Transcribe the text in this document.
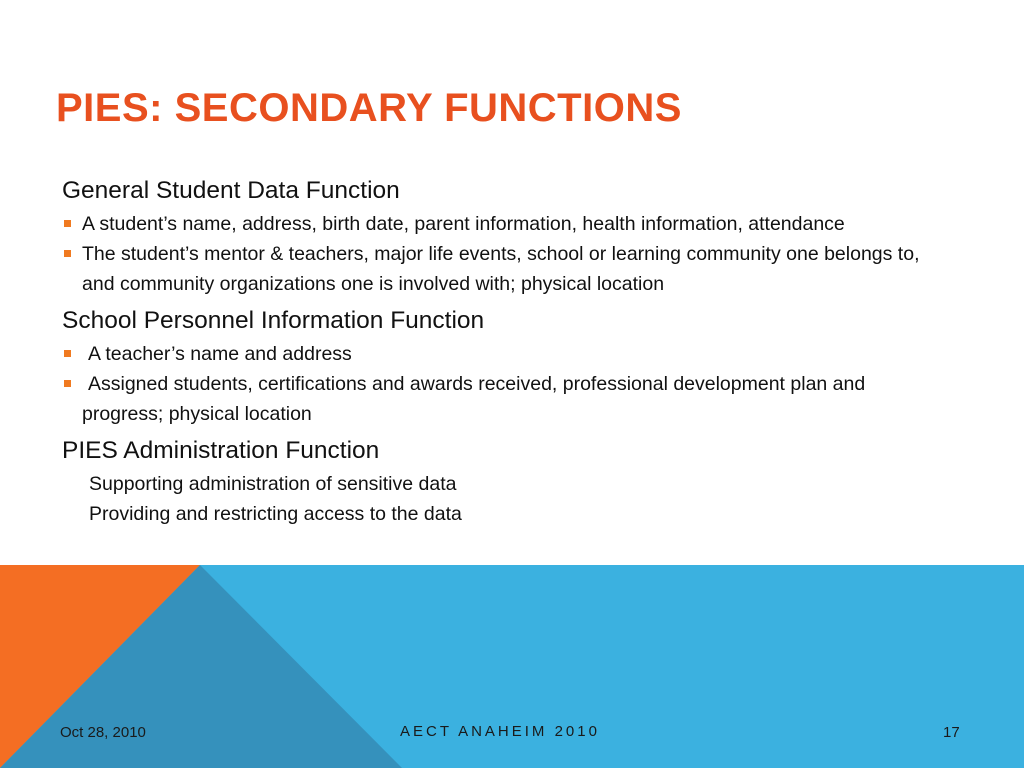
PIES: SECONDARY FUNCTIONS
General Student Data Function
A student’s name, address, birth date, parent information, health information, attendance
The student’s mentor & teachers, major life events, school or learning community one belongs to, and community organizations one is involved with; physical location
School Personnel Information Function
A teacher’s name and address
Assigned students, certifications and awards received, professional development plan and progress; physical location
PIES Administration Function
Supporting administration of sensitive data
Providing and restricting access to the data
Oct 28, 2010	AECT ANAHEIM 2010	17
